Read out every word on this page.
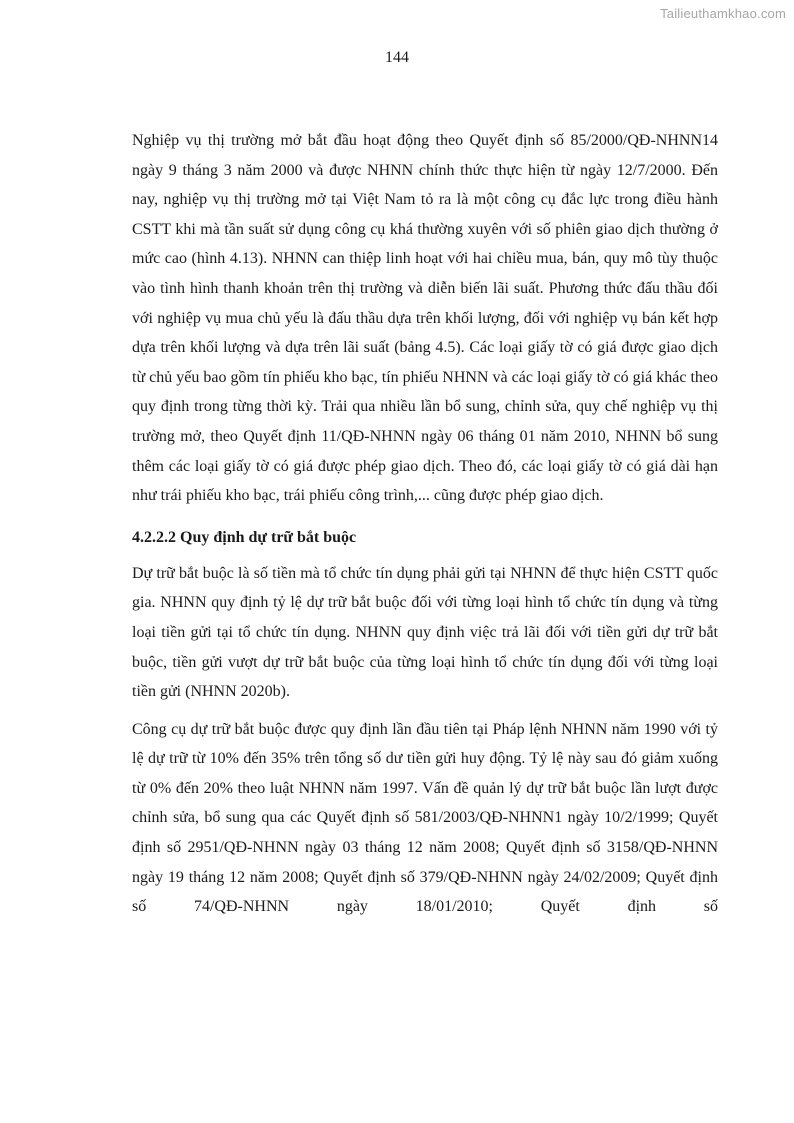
Tailieuthamkhao.com
144

Nghiệp vụ thị trường mở bắt đầu hoạt động theo Quyết định số 85/2000/QĐ-NHNN14 ngày 9 tháng 3 năm 2000 và được NHNN chính thức thực hiện từ ngày 12/7/2000. Đến nay, nghiệp vụ thị trường mở tại Việt Nam tỏ ra là một công cụ đắc lực trong điều hành CSTT khi mà tần suất sử dụng công cụ khá thường xuyên với số phiên giao dịch thường ở mức cao (hình 4.13). NHNN can thiệp linh hoạt với hai chiều mua, bán, quy mô tùy thuộc vào tình hình thanh khoản trên thị trường và diễn biến lãi suất. Phương thức đấu thầu đối với nghiệp vụ mua chủ yếu là đấu thầu dựa trên khối lượng, đối với nghiệp vụ bán kết hợp dựa trên khối lượng và dựa trên lãi suất (bảng 4.5). Các loại giấy tờ có giá được giao dịch từ chủ yếu bao gồm tín phiếu kho bạc, tín phiếu NHNN và các loại giấy tờ có giá khác theo quy định trong từng thời kỳ. Trải qua nhiều lần bổ sung, chỉnh sửa, quy chế nghiệp vụ thị trường mở, theo Quyết định 11/QĐ-NHNN ngày 06 tháng 01 năm 2010, NHNN bổ sung thêm các loại giấy tờ có giá được phép giao dịch. Theo đó, các loại giấy tờ có giá dài hạn như trái phiếu kho bạc, trái phiếu công trình,... cũng được phép giao dịch.

4.2.2.2 Quy định dự trữ bắt buộc

Dự trữ bắt buộc là số tiền mà tổ chức tín dụng phải gửi tại NHNN để thực hiện CSTT quốc gia. NHNN quy định tỷ lệ dự trữ bắt buộc đối với từng loại hình tổ chức tín dụng và từng loại tiền gửi tại tổ chức tín dụng. NHNN quy định việc trả lãi đối với tiền gửi dự trữ bắt buộc, tiền gửi vượt dự trữ bắt buộc của từng loại hình tổ chức tín dụng đối với từng loại tiền gửi (NHNN 2020b).

Công cụ dự trữ bắt buộc được quy định lần đầu tiên tại Pháp lệnh NHNN năm 1990 với tỷ lệ dự trữ từ 10% đến 35% trên tổng số dư tiền gửi huy động. Tỷ lệ này sau đó giảm xuống từ 0% đến 20% theo luật NHNN năm 1997. Vấn đề quản lý dự trữ bắt buộc lần lượt được chỉnh sửa, bổ sung qua các Quyết định số 581/2003/QĐ-NHNN1 ngày 10/2/1999; Quyết định số 2951/QĐ-NHNN ngày 03 tháng 12 năm 2008; Quyết định số 3158/QĐ-NHNN ngày 19 tháng 12 năm 2008; Quyết định số 379/QĐ-NHNN ngày 24/02/2009; Quyết định số 74/QĐ-NHNN ngày 18/01/2010; Quyết định số
